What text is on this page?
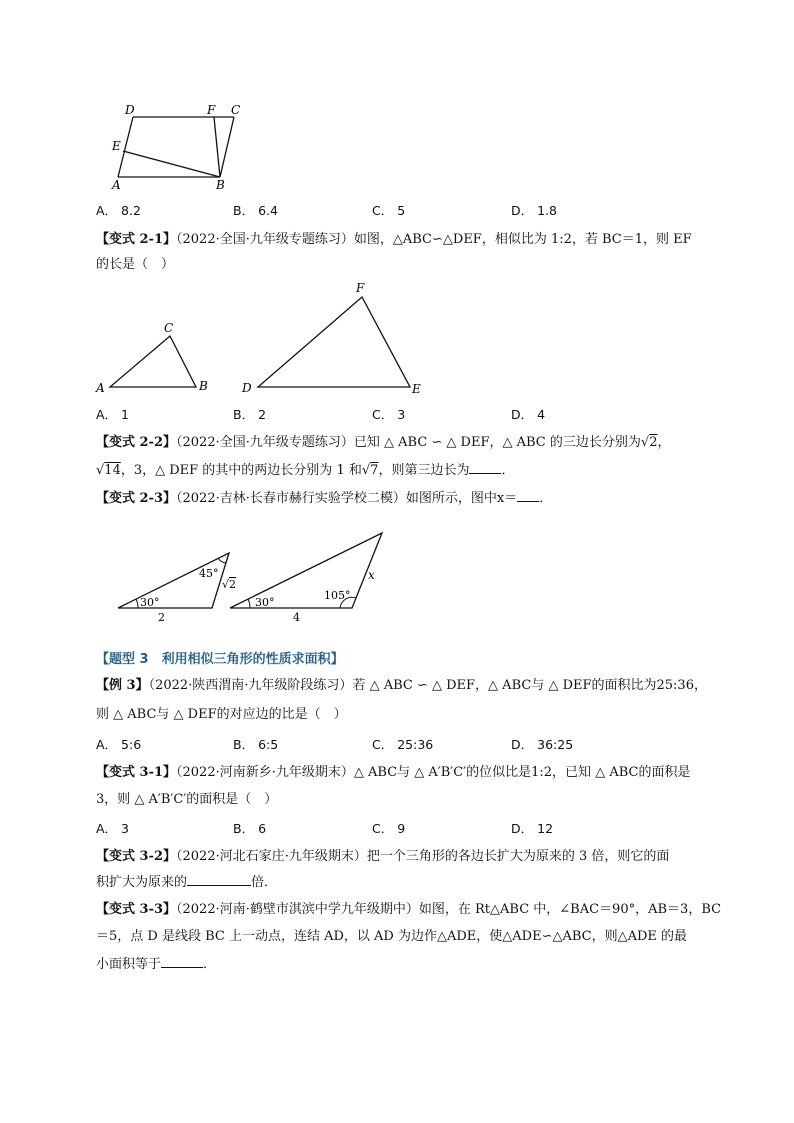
D	F C
E
A	B
A． 8.2	B． 6.4	C． 5	D． 1.8
【变式 2-1】（2022·全国·九年级专题练习）如图，△ABC∽△DEF，相似比为 1:2，若 BC＝1，则 EF
的长是（　）
A	B
C
D	E
F
A． 1	B． 2	C． 3	D． 4
【变式 2-2】（2022·全国·九年级专题练习）已知 △ ABC ∽ △ DEF，△ ABC 的三边长分别为√2，
√14，3，△ DEF 的其中的两边长分别为 1 和√7，则第三边长为 ．
【变式 2-3】（2022·吉林·长春市赫行实验学校二模）如图所示，图中x＝ ．
30°
45°
√2
2
30°
105°
x
4
【题型 3　利用相似三角形的性质求面积】
【例 3】（2022·陕西渭南·九年级阶段练习）若 △ ABC ∽ △ DEF，△ ABC与 △ DEF的面积比为25:36，
则 △ ABC与 △ DEF的对应边的比是（　）
A． 5:6	B． 6:5	C． 25:36	D． 36:25
【变式 3-1】（2022·河南新乡·九年级期末）△ ABC与 △ A′B′C′的位似比是1:2，已知 △ ABC的面积是
3，则 △ A′B′C′的面积是（　）
A． 3	B． 6	C． 9	D． 12
【变式 3-2】（2022·河北石家庄·九年级期末）把一个三角形的各边长扩大为原来的 3 倍，则它的面
积扩大为原来的	倍．
【变式 3-3】（2022·河南·鹤壁市淇滨中学九年级期中）如图，在 Rt△ABC 中，∠BAC＝90°，AB＝3，BC
＝5，点 D 是线段 BC 上一动点，连结 AD，以 AD 为边作△ADE，使△ADE∽△ABC，则△ADE 的最
小面积等于	．
